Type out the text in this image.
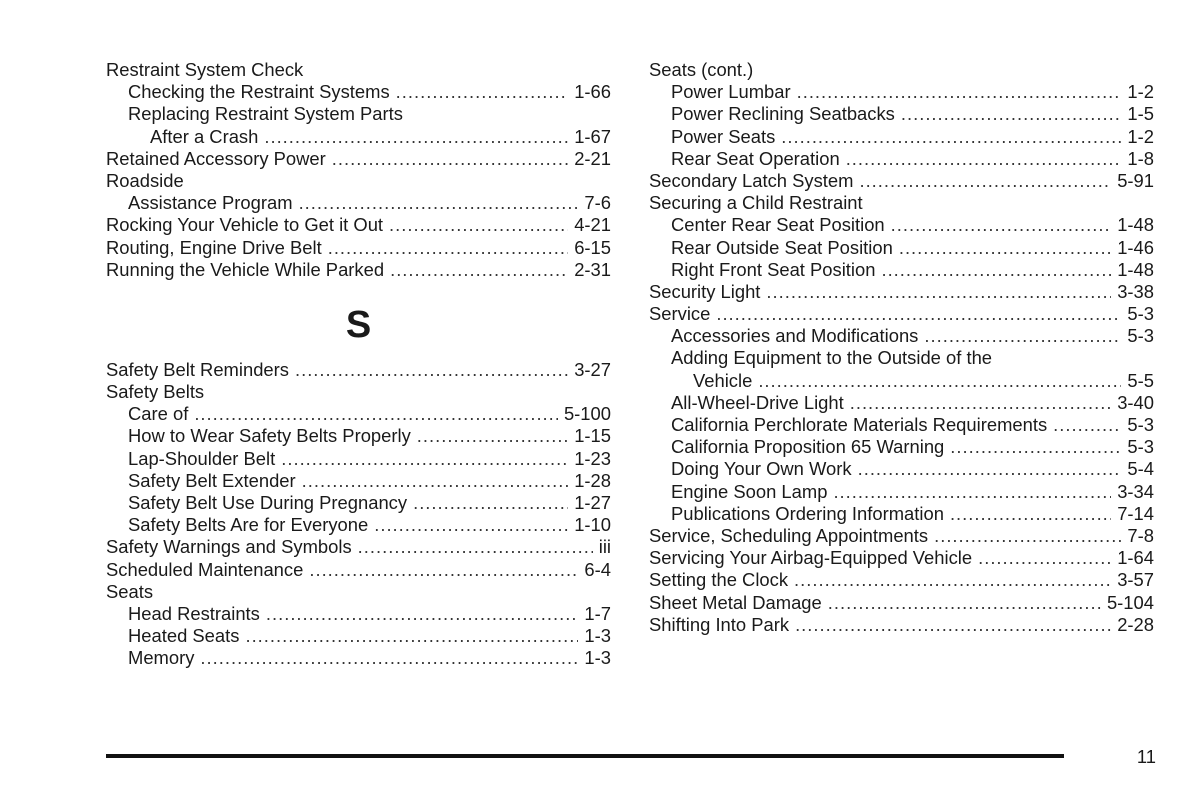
Restraint System Check
Checking the Restraint Systems .....	1-66
Replacing Restraint System Parts
After a Crash .....	1-67
Retained Accessory Power .....	2-21
Roadside
Assistance Program .....	7-6
Rocking Your Vehicle to Get it Out .....	4-21
Routing, Engine Drive Belt .....	6-15
Running the Vehicle While Parked .....	2-31
S
Safety Belt Reminders .....	3-27
Safety Belts
Care of .....	5-100
How to Wear Safety Belts Properly .....	1-15
Lap-Shoulder Belt .....	1-23
Safety Belt Extender .....	1-28
Safety Belt Use During Pregnancy .....	1-27
Safety Belts Are for Everyone .....	1-10
Safety Warnings and Symbols .....	iii
Scheduled Maintenance .....	6-4
Seats
Head Restraints .....	1-7
Heated Seats .....	1-3
Memory .....	1-3
Seats (cont.)
Power Lumbar .....	1-2
Power Reclining Seatbacks .....	1-5
Power Seats .....	1-2
Rear Seat Operation .....	1-8
Secondary Latch System .....	5-91
Securing a Child Restraint
Center Rear Seat Position .....	1-48
Rear Outside Seat Position .....	1-46
Right Front Seat Position .....	1-48
Security Light .....	3-38
Service .....	5-3
Accessories and Modifications .....	5-3
Adding Equipment to the Outside of the
Vehicle .....	5-5
All-Wheel-Drive Light .....	3-40
California Perchlorate Materials Requirements .....	5-3
California Proposition 65 Warning .....	5-3
Doing Your Own Work .....	5-4
Engine Soon Lamp .....	3-34
Publications Ordering Information .....	7-14
Service, Scheduling Appointments .....	7-8
Servicing Your Airbag-Equipped Vehicle .....	1-64
Setting the Clock .....	3-57
Sheet Metal Damage .....	5-104
Shifting Into Park .....	2-28
11
